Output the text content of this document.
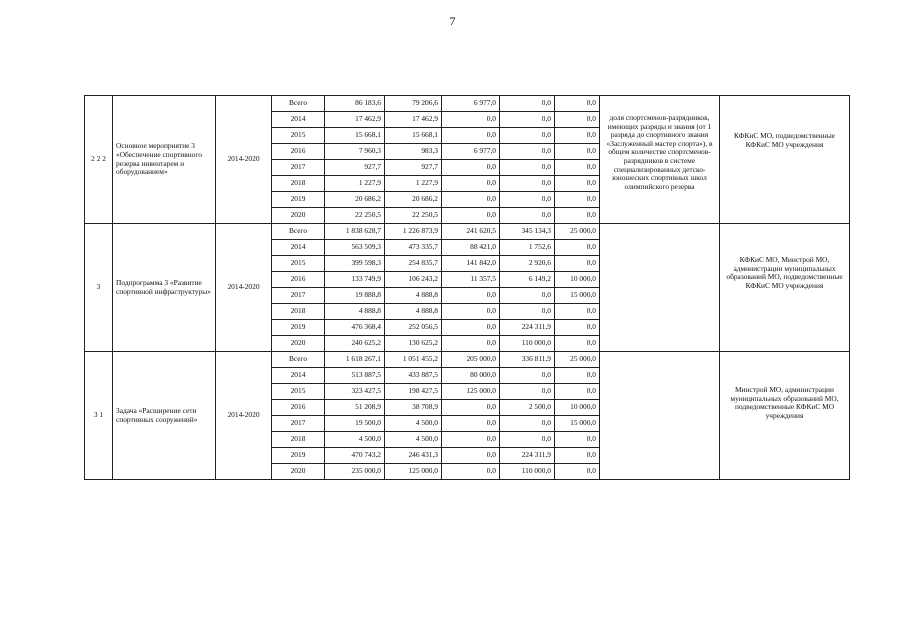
7
2 2 2	Основное мероприятие 3 «Обеспечение спортивного резерва инвентарем и оборудованием»	2014-2020	Всего	86 183,6	79 206,6	6 977,0	0,0	0,0	доля спортсменов-разрядников, имеющих разряды и звания (от 1 разряда до спортивного звания «Заслуженный мастер спорта»), в общем количестве спортсменов-разрядников в системе специализированных детско-юношеских спортивных школ олимпийского резерва	КФКиС МО, подведомственные КФКиС МО учреждения

			2014	17 462,9	17 462,9	0,0	0,0	0,0		
			2015	15 668,1	15 668,1	0,0	0,0	0,0		
			2016	7 960,3	983,3	6 977,0	0,0	0,0		
			2017	927,7	927,7	0,0	0,0	0,0		
			2018	1 227,9	1 227,9	0,0	0,0	0,0		
			2019	20 686,2	20 686,2	0,0	0,0	0,0		
			2020	22 250,5	22 250,5	0,0	0,0	0,0		
3	Подпрограмма 3 «Развитие спортивной инфраструктуры»	2014-2020	Всего	1 838 628,7	1 226 873,9	241 620,5	345 134,3	25 000,0		КФКиС МО, Минстрой МО, администрации муниципальных образований МО, подведомственные КФКиС МО учреждения

			2014	563 509,3	473 335,7	88 421,0	1 752,6	0,0		
			2015	399 598,3	254 835,7	141 842,0	2 920,6	0,0		
			2016	133 749,9	106 243,2	11 357,5	6 149,2	10 000,0		
			2017	19 888,8	4 888,8	0,0	0,0	15 000,0		
			2018	4 888,8	4 888,8	0,0	0,0	0,0		
			2019	476 368,4	252 056,5	0,0	224 311,9	0,0		
			2020	240 625,2	130 625,2	0,0	110 000,0	0,0		
3 1	Задача «Расширение сети спортивных сооружений»	2014-2020	Всего	1 618 267,1	1 051 455,2	205 000,0	336 811,9	25 000,0		Минстрой МО, администрации муниципальных образований МО, подведомственные КФКиС МО учреждения

			2014	513 887,5	433 887,5	80 000,0	0,0	0,0		
			2015	323 427,5	198 427,5	125 000,0	0,0	0,0		
			2016	51 208,9	38 708,9	0,0	2 500,0	10 000,0		
			2017	19 500,0	4 500,0	0,0	0,0	15 000,0		
			2018	4 500,0	4 500,0	0,0	0,0	0,0		
			2019	470 743,2	246 431,3	0,0	224 311,9	0,0		
			2020	235 000,0	125 000,0	0,0	110 000,0	0,0		
